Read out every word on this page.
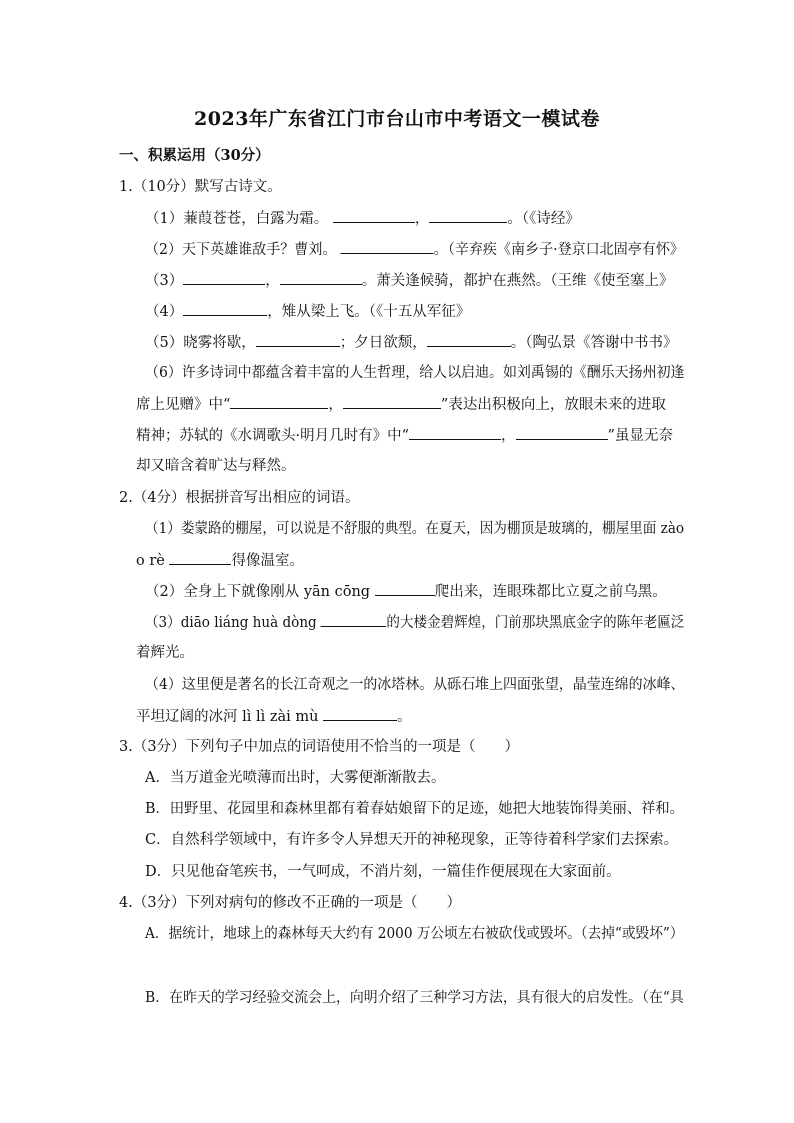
2023年广东省江门市台山市中考语文一模试卷
一、积累运用（30分）
1.（10分）默写古诗文。
（1）蒹葭苍苍，白露为霜。	，	。（《诗经》
（2）天下英雄谁敌手？曹刘。	。（辛弃疾《南乡子·登京口北固亭有怀》
（3）	，	。萧关逢候骑，都护在燕然。（王维《使至塞上》
（4）	，雉从梁上飞。（《十五从军征》
（5）晓雾将歇，	；夕日欲颓，	。（陶弘景《答谢中书书》
（6）许多诗词中都蕴含着丰富的人生哲理，给人以启迪。如刘禹锡的《酬乐天扬州初逢
席上见赠》中“	，	”表达出积极向上，放眼未来的进取
精神；苏轼的《水调歌头·明月几时有》中“	，	”虽显无奈
却又暗含着旷达与释然。
2.（4分）根据拼音写出相应的词语。
（1）娄蒙路的棚屋，可以说是不舒服的典型。在夏天，因为棚顶是玻璃的，棚屋里面 zào
o rè	得像温室。
（2）全身上下就像刚从 yān cōng	爬出来，连眼珠都比立夏之前乌黑。
（3）diāo liáng huà dòng	的大楼金碧辉煌，门前那块黑底金字的陈年老匾泛
着辉光。
（4）这里便是著名的长江奇观之一的冰塔林。从砾石堆上四面张望，晶莹连绵的冰峰、
平坦辽阔的冰河 lì lì zài mù	。
3.（3分）下列句子中加点的词语使用不恰当的一项是（　　）
A．当万道金光喷薄而出时，大雾便渐渐散去。
B．田野里、花园里和森林里都有着春姑娘留下的足迹，她把大地装饰得美丽、祥和。
C．自然科学领域中，有许多令人异想天开的神秘现象，正等待着科学家们去探索。
D．只见他奋笔疾书，一气呵成，不消片刻，一篇佳作便展现在大家面前。
4.（3分）下列对病句的修改不正确的一项是（　　）
A．据统计，地球上的森林每天大约有 2000 万公顷左右被砍伐或毁坏。（去掉“或毁坏”）
B．在昨天的学习经验交流会上，向明介绍了三种学习方法，具有很大的启发性。（在“具
